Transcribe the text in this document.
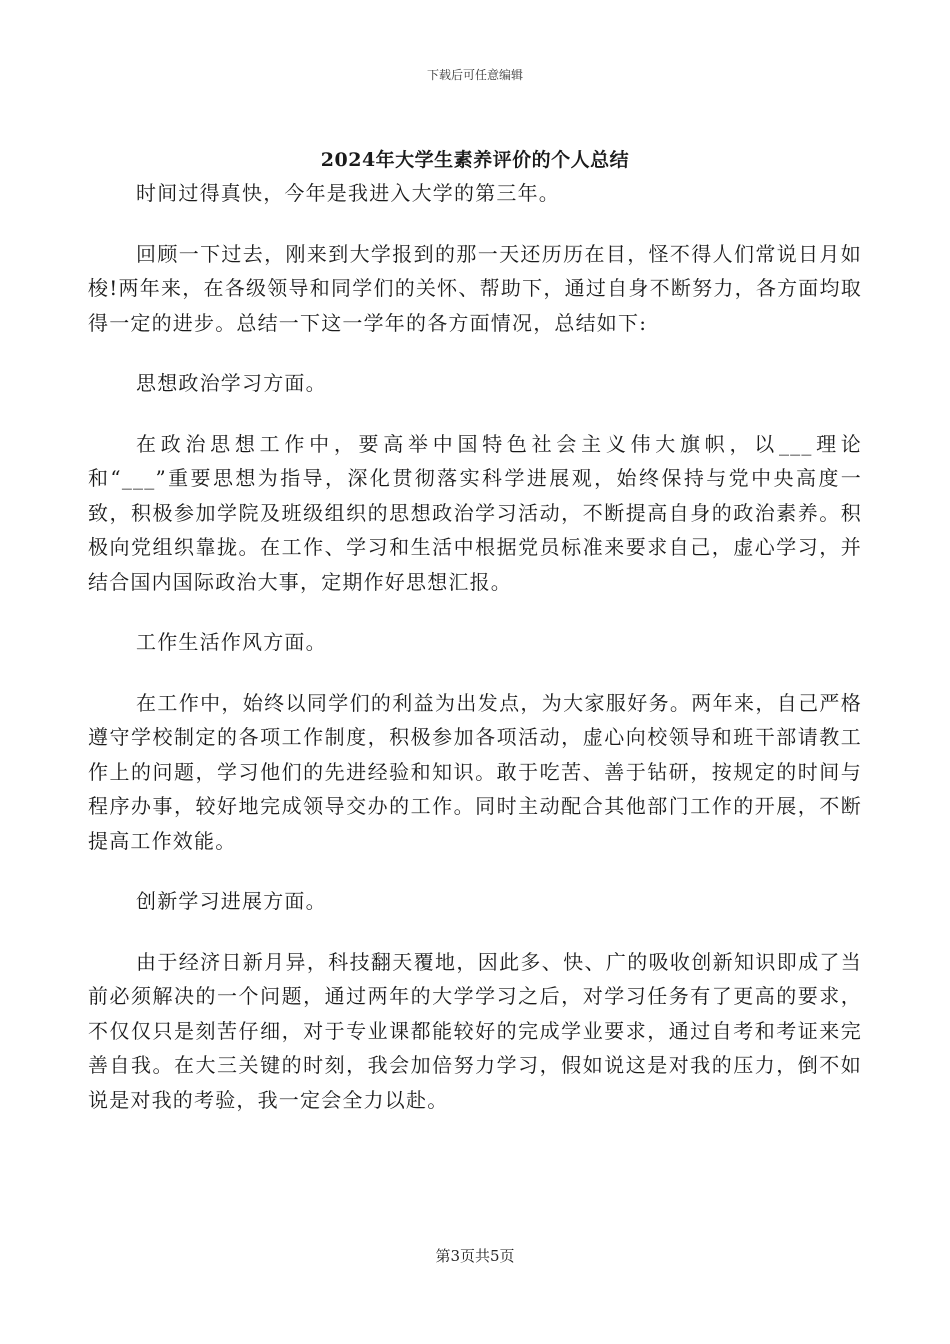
下载后可任意编辑
2024年大学生素养评价的个人总结

时间过得真快，今年是我进入大学的第三年。

回顾一下过去，刚来到大学报到的那一天还历历在目，怪不得人们常说日月如梭!两年来，在各级领导和同学们的关怀、帮助下，通过自身不断努力，各方面均取得一定的进步。总结一下这一学年的各方面情况，总结如下:

思想政治学习方面。

在政治思想工作中，要高举中国特色社会主义伟大旗帜，以___理论和“___”重要思想为指导，深化贯彻落实科学进展观，始终保持与党中央高度一致，积极参加学院及班级组织的思想政治学习活动，不断提高自身的政治素养。积极向党组织靠拢。在工作、学习和生活中根据党员标准来要求自己，虚心学习，并结合国内国际政治大事，定期作好思想汇报。

工作生活作风方面。

在工作中，始终以同学们的利益为出发点，为大家服好务。两年来，自己严格遵守学校制定的各项工作制度，积极参加各项活动，虚心向校领导和班干部请教工作上的问题，学习他们的先进经验和知识。敢于吃苦、善于钻研，按规定的时间与程序办事，较好地完成领导交办的工作。同时主动配合其他部门工作的开展，不断提高工作效能。

创新学习进展方面。

由于经济日新月异，科技翻天覆地，因此多、快、广的吸收创新知识即成了当前必须解决的一个问题，通过两年的大学学习之后，对学习任务有了更高的要求，不仅仅只是刻苦仔细，对于专业课都能较好的完成学业要求，通过自考和考证来完善自我。在大三关键的时刻，我会加倍努力学习，假如说这是对我的压力，倒不如说是对我的考验，我一定会全力以赴。

第3页共5页
